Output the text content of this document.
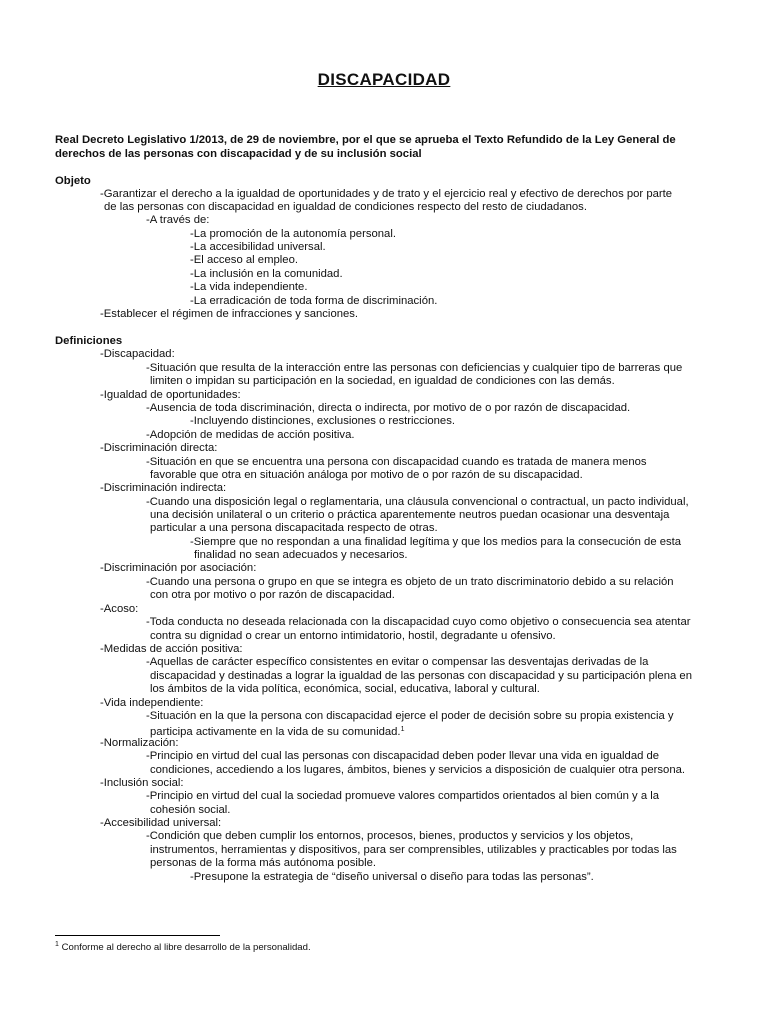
DISCAPACIDAD
Real Decreto Legislativo 1/2013, de 29 de noviembre, por el que se aprueba el Texto Refundido de la Ley General de
derechos de las personas con discapacidad y de su inclusión social
Objeto
-Garantizar el derecho a la igualdad de oportunidades y de trato y el ejercicio real y efectivo de derechos por parte
de las personas con discapacidad en igualdad de condiciones respecto del resto de ciudadanos.
-A través de:
-La promoción de la autonomía personal.
-La accesibilidad universal.
-El acceso al empleo.
-La inclusión en la comunidad.
-La vida independiente.
-La erradicación de toda forma de discriminación.
-Establecer el régimen de infracciones y sanciones.
Definiciones
-Discapacidad:
-Situación que resulta de la interacción entre las personas con deficiencias y cualquier tipo de barreras que
limiten o impidan su participación en la sociedad, en igualdad de condiciones con las demás.
-Igualdad de oportunidades:
-Ausencia de toda discriminación, directa o indirecta, por motivo de o por razón de discapacidad.
-Incluyendo distinciones, exclusiones o restricciones.
-Adopción de medidas de acción positiva.
-Discriminación directa:
-Situación en que se encuentra una persona con discapacidad cuando es tratada de manera menos
favorable que otra en situación análoga por motivo de o por razón de su discapacidad.
-Discriminación indirecta:
-Cuando una disposición legal o reglamentaria, una cláusula convencional o contractual, un pacto individual,
una decisión unilateral o un criterio o práctica aparentemente neutros puedan ocasionar una desventaja
particular a una persona discapacitada respecto de otras.
-Siempre que no respondan a una finalidad legítima y que los medios para la consecución de esta
finalidad no sean adecuados y necesarios.
-Discriminación por asociación:
-Cuando una persona o grupo en que se integra es objeto de un trato discriminatorio debido a su relación
con otra por motivo o por razón de discapacidad.
-Acoso:
-Toda conducta no deseada relacionada con la discapacidad cuyo como objetivo o consecuencia sea atentar
contra su dignidad o crear un entorno intimidatorio, hostil, degradante u ofensivo.
-Medidas de acción positiva:
-Aquellas de carácter específico consistentes en evitar o compensar las desventajas derivadas de la
discapacidad y destinadas a lograr la igualdad de las personas con discapacidad y su participación plena en
los ámbitos de la vida política, económica, social, educativa, laboral y cultural.
-Vida independiente:
-Situación en la que la persona con discapacidad ejerce el poder de decisión sobre su propia existencia y
participa activamente en la vida de su comunidad.$^1$
-Normalización:
-Principio en virtud del cual las personas con discapacidad deben poder llevar una vida en igualdad de
condiciones, accediendo a los lugares, ámbitos, bienes y servicios a disposición de cualquier otra persona.
-Inclusión social:
-Principio en virtud del cual la sociedad promueve valores compartidos orientados al bien común y a la
cohesión social.
-Accesibilidad universal:
-Condición que deben cumplir los entornos, procesos, bienes, productos y servicios y los objetos,
instrumentos, herramientas y dispositivos, para ser comprensibles, utilizables y practicables por todas las
personas de la forma más autónoma posible.
-Presupone la estrategia de “diseño universal o diseño para todas las personas”.
$^1$ Conforme al derecho al libre desarrollo de la personalidad.
